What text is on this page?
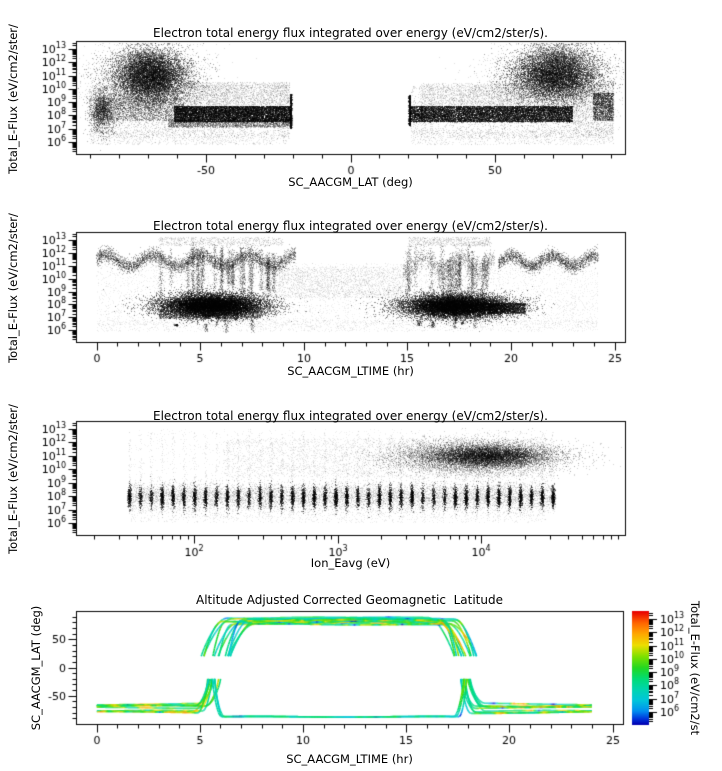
Electron total energy flux integrated over energy (eV/cm2/ster/s).
Electron total energy flux integrated over energy (eV/cm2/ster/s).
Electron total energy flux integrated over energy (eV/cm2/ster/s).
Altitude Adjusted Corrected Geomagnetic  Latitude
Total_E-Flux (eV/cm2/ster/
Total_E-Flux (eV/cm2/ster/
Total_E-Flux (eV/cm2/ster/
SC_AACGM_LAT (deg)
SC_AACGM_LAT (deg)
SC_AACGM_LTIME (hr)
Ion_Eavg (eV)
SC_AACGM_LTIME (hr)
Total_E-Flux (eV/cm2/st
